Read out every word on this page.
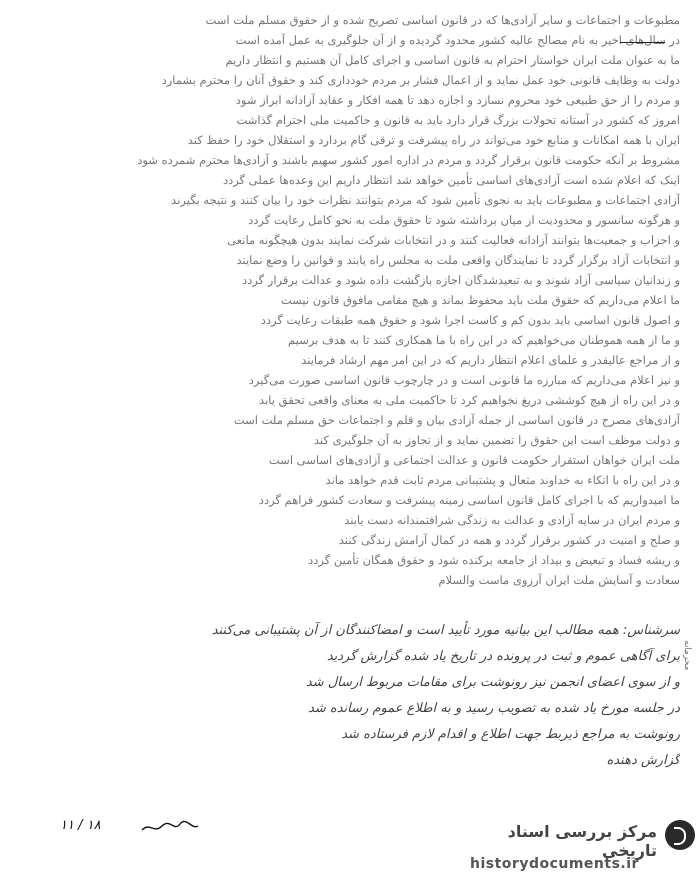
مطبوعات و اجتماعات و سایر آزادی‌ها که در قانون اساسی تصریح شده و از حقوق مسلم ملت است
در سال‌های اخیر به نام مصالح عالیه کشور محدود گردیده و از آن جلوگیری به عمل آمده است
ما به عنوان ملت ایران خواستار احترام به قانون اساسی و اجرای کامل آن هستیم و انتظار داریم
دولت به وظایف قانونی خود عمل نماید و از اعمال فشار بر مردم خودداری کند و حقوق آنان را محترم بشمارد
و مردم را از حق طبیعی خود محروم نسازد و اجازه دهد تا همه افکار و عقاید آزادانه ابراز شود
امروز که کشور در آستانه تحولات بزرگ قرار دارد باید به قانون و حاکمیت ملی احترام گذاشت
ایران با همه امکانات و منابع خود می‌تواند در راه پیشرفت و ترقی گام بردارد و استقلال خود را حفظ کند
مشروط بر آنکه حکومت قانون برقرار گردد و مردم در اداره امور کشور سهیم باشند و آزادی‌ها محترم شمرده شود
اینک که اعلام شده است آزادی‌های اساسی تأمین خواهد شد انتظار داریم این وعده‌ها عملی گردد
آزادی اجتماعات و مطبوعات باید به نحوی تأمین شود که مردم بتوانند نظرات خود را بیان کنند و نتیجه بگیرند
و هرگونه سانسور و محدودیت از میان برداشته شود تا حقوق ملت به نحو کامل رعایت گردد
و احزاب و جمعیت‌ها بتوانند آزادانه فعالیت کنند و در انتخابات شرکت نمایند بدون هیچگونه مانعی
و انتخابات آزاد برگزار گردد تا نمایندگان واقعی ملت به مجلس راه یابند و قوانین را وضع نمایند
و زندانیان سیاسی آزاد شوند و به تبعیدشدگان اجازه بازگشت داده شود و عدالت برقرار گردد
ما اعلام می‌داریم که حقوق ملت باید محفوظ بماند و هیچ مقامی مافوق قانون نیست
و اصول قانون اساسی باید بدون کم و کاست اجرا شود و حقوق همه طبقات رعایت گردد
و ما از همه هموطنان می‌خواهیم که در این راه با ما همکاری کنند تا به هدف برسیم
و از مراجع عالیقدر و علمای اعلام انتظار داریم که در این امر مهم ارشاد فرمایند
و نیز اعلام می‌داریم که مبارزه ما قانونی است و در چارچوب قانون اساسی صورت می‌گیرد
و در این راه از هیچ کوششی دریغ نخواهیم کرد تا حاکمیت ملی به معنای واقعی تحقق یابد
آزادی‌های مصرح در قانون اساسی از جمله آزادی بیان و قلم و اجتماعات حق مسلم ملت است
و دولت موظف است این حقوق را تضمین نماید و از تجاوز به آن جلوگیری کند
ملت ایران خواهان استقرار حکومت قانون و عدالت اجتماعی و آزادی‌های اساسی است
و در این راه با اتکاء به خداوند متعال و پشتیبانی مردم ثابت قدم خواهد ماند
ما امیدواریم که با اجرای کامل قانون اساسی زمینه پیشرفت و سعادت کشور فراهم گردد
و مردم ایران در سایه آزادی و عدالت به زندگی شرافتمندانه دست یابند
و صلح و امنیت در کشور برقرار گردد و همه در کمال آرامش زندگی کنند
و ریشه فساد و تبعیض و بیداد از جامعه برکنده شود و حقوق همگان تأمین گردد
سعادت و آسایش ملت ایران آرزوی ماست والسلام
سرشناس: همه مطالب این بیانیه مورد تأیید است و امضاکنندگان از آن پشتیبانی می‌کنند
برای آگاهی عموم و ثبت در پرونده در تاریخ یاد شده گزارش گردید
و از سوی اعضای انجمن نیز رونوشت برای مقامات مربوط ارسال شد
در جلسه مورخ یاد شده به تصویب رسید و به اطلاع عموم رسانده شد
رونوشت به مراجع ذیربط جهت اطلاع و اقدام لازم فرستاده شد
گزارش دهنده
محرمانه
۱۸ / ۱۱	مرکز بررسی اسناد تاریخی
historydocuments.ir
